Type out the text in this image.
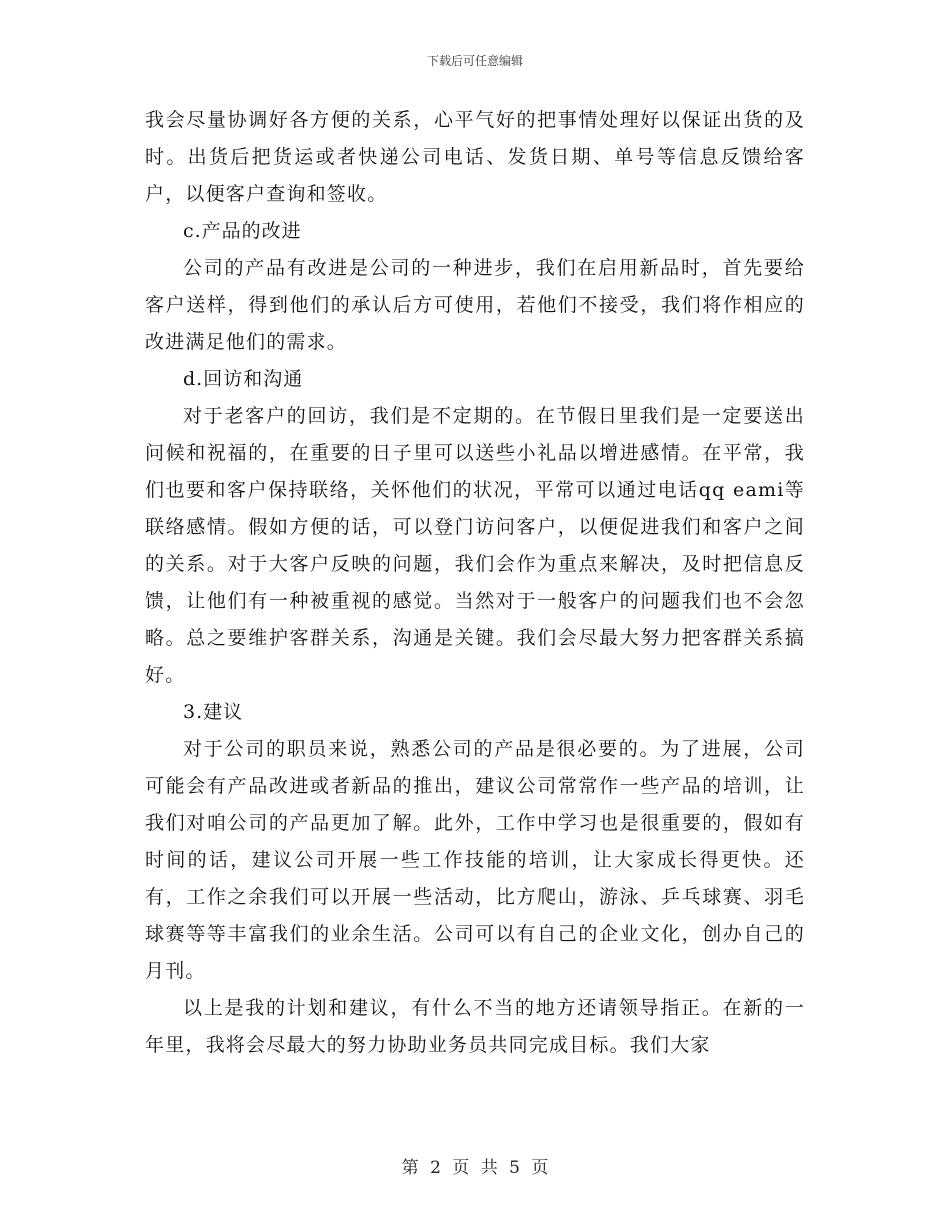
下载后可任意编辑

我会尽量协调好各方便的关系，心平气好的把事情处理好以保证出货的及时。出货后把货运或者快递公司电话、发货日期、单号等信息反馈给客户，以便客户查询和签收。

c.产品的改进

公司的产品有改进是公司的一种进步，我们在启用新品时，首先要给客户送样，得到他们的承认后方可使用，若他们不接受，我们将作相应的改进满足他们的需求。

d.回访和沟通

对于老客户的回访，我们是不定期的。在节假日里我们是一定要送出问候和祝福的，在重要的日子里可以送些小礼品以增进感情。在平常，我们也要和客户保持联络，关怀他们的状况，平常可以通过电话qq eami等联络感情。假如方便的话，可以登门访问客户，以便促进我们和客户之间的关系。对于大客户反映的问题，我们会作为重点来解决，及时把信息反馈，让他们有一种被重视的感觉。当然对于一般客户的问题我们也不会忽略。总之要维护客群关系，沟通是关键。我们会尽最大努力把客群关系搞好。

3.建议

对于公司的职员来说，熟悉公司的产品是很必要的。为了进展，公司可能会有产品改进或者新品的推出，建议公司常常作一些产品的培训，让我们对咱公司的产品更加了解。此外，工作中学习也是很重要的，假如有时间的话，建议公司开展一些工作技能的培训，让大家成长得更快。还有，工作之余我们可以开展一些活动，比方爬山，游泳、乒乓球赛、羽毛球赛等等丰富我们的业余生活。公司可以有自己的企业文化，创办自己的月刊。

以上是我的计划和建议，有什么不当的地方还请领导指正。在新的一年里，我将会尽最大的努力协助业务员共同完成目标。我们大家

第 2 页 共 5 页
